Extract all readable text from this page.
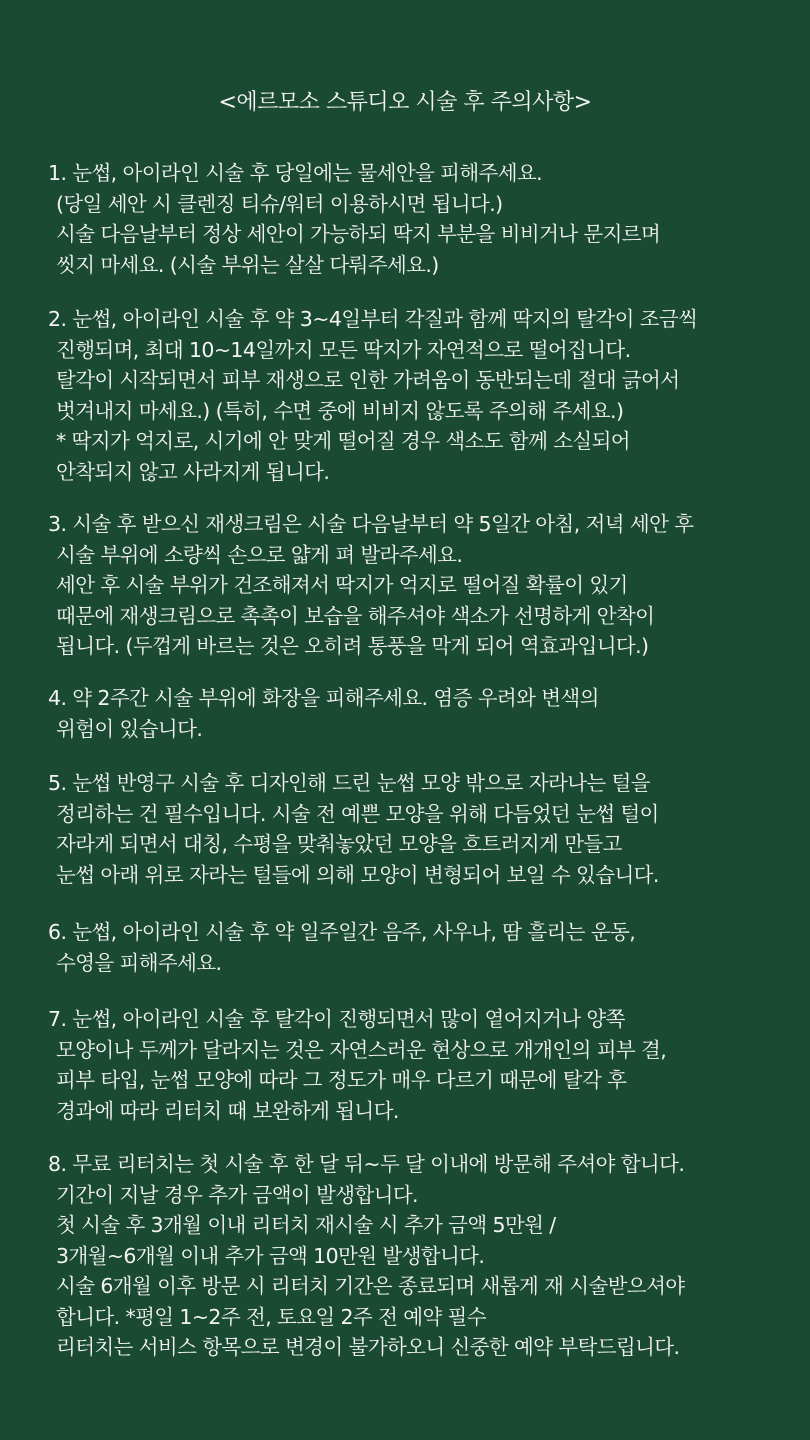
<에르모소 스튜디오 시술 후 주의사항>
1. 눈썹, 아이라인 시술 후 당일에는 물세안을 피해주세요.
(당일 세안 시 클렌징 티슈/워터 이용하시면 됩니다.)
시술 다음날부터 정상 세안이 가능하되 딱지 부분을 비비거나 문지르며
씻지 마세요. (시술 부위는 살살 다뤄주세요.)
2. 눈썹, 아이라인 시술 후 약 3~4일부터 각질과 함께 딱지의 탈각이 조금씩
진행되며, 최대 10~14일까지 모든 딱지가 자연적으로 떨어집니다.
탈각이 시작되면서 피부 재생으로 인한 가려움이 동반되는데 절대 긁어서
벗겨내지 마세요.) (특히, 수면 중에 비비지 않도록 주의해 주세요.)
* 딱지가 억지로, 시기에 안 맞게 떨어질 경우 색소도 함께 소실되어
안착되지 않고 사라지게 됩니다.
3. 시술 후 받으신 재생크림은 시술 다음날부터 약 5일간 아침, 저녁 세안 후
시술 부위에 소량씩 손으로 얇게 펴 발라주세요.
세안 후 시술 부위가 건조해져서 딱지가 억지로 떨어질 확률이 있기
때문에 재생크림으로 촉촉이 보습을 해주셔야 색소가 선명하게 안착이
됩니다. (두껍게 바르는 것은 오히려 통풍을 막게 되어 역효과입니다.)
4. 약 2주간 시술 부위에 화장을 피해주세요. 염증 우려와 변색의
위험이 있습니다.
5. 눈썹 반영구 시술 후 디자인해 드린 눈썹 모양 밖으로 자라나는 털을
정리하는 건 필수입니다. 시술 전 예쁜 모양을 위해 다듬었던 눈썹 털이
자라게 되면서 대칭, 수평을 맞춰놓았던 모양을 흐트러지게 만들고
눈썹 아래 위로 자라는 털들에 의해 모양이 변형되어 보일 수 있습니다.
6. 눈썹, 아이라인 시술 후 약 일주일간 음주, 사우나, 땀 흘리는 운동,
수영을 피해주세요.
7. 눈썹, 아이라인 시술 후 탈각이 진행되면서 많이 옅어지거나 양쪽
모양이나 두께가 달라지는 것은 자연스러운 현상으로 개개인의 피부 결,
피부 타입, 눈썹 모양에 따라 그 정도가 매우 다르기 때문에 탈각 후
경과에 따라 리터치 때 보완하게 됩니다.
8. 무료 리터치는 첫 시술 후 한 달 뒤~두 달 이내에 방문해 주셔야 합니다.
기간이 지날 경우 추가 금액이 발생합니다.
첫 시술 후 3개월 이내 리터치 재시술 시 추가 금액 5만원 /
3개월~6개월 이내 추가 금액 10만원 발생합니다.
시술 6개월 이후 방문 시 리터치 기간은 종료되며 새롭게 재 시술받으셔야
합니다. *평일 1~2주 전, 토요일 2주 전 예약 필수
리터치는 서비스 항목으로 변경이 불가하오니 신중한 예약 부탁드립니다.
